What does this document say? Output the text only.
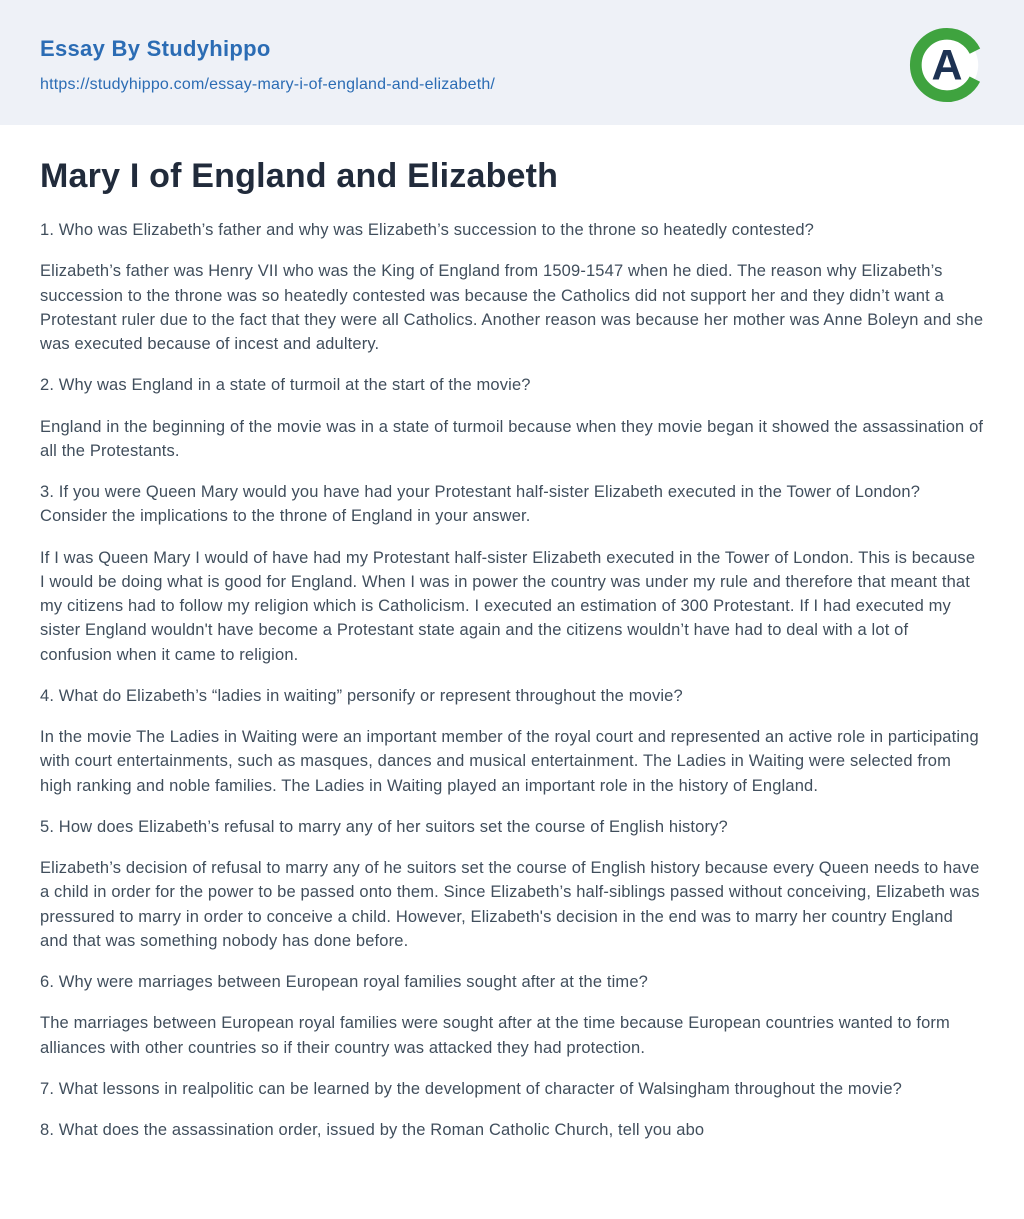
Essay By Studyhippo
https://studyhippo.com/essay-mary-i-of-england-and-elizabeth/	A
Mary I of England and Elizabeth

1. Who was Elizabeth’s father and why was Elizabeth’s succession to the throne so heatedly contested?

Elizabeth’s father was Henry VII who was the King of England from 1509-1547 when he died. The reason why Elizabeth’s succession to the throne was so heatedly contested was because the Catholics did not support her and they didn’t want a Protestant ruler due to the fact that they were all Catholics. Another reason was because her mother was Anne Boleyn and she was executed because of incest and adultery.

2. Why was England in a state of turmoil at the start of the movie?

England in the beginning of the movie was in a state of turmoil because when they movie began it showed the assassination of all the Protestants.

3. If you were Queen Mary would you have had your Protestant half-sister Elizabeth executed in the Tower of London? Consider the implications to the throne of England in your answer.

If I was Queen Mary I would of have had my Protestant half-sister Elizabeth executed in the Tower of London. This is because I would be doing what is good for England. When I was in power the country was under my rule and therefore that meant that my citizens had to follow my religion which is Catholicism. I executed an estimation of 300 Protestant. If I had executed my sister England wouldn't have become a Protestant state again and the citizens wouldn’t have had to deal with a lot of confusion when it came to religion.

4. What do Elizabeth’s “ladies in waiting” personify or represent throughout the movie?

In the movie The Ladies in Waiting were an important member of the royal court and represented an active role in participating with court entertainments, such as masques, dances and musical entertainment. The Ladies in Waiting were selected from high ranking and noble families. The Ladies in Waiting played an important role in the history of England.

5. How does Elizabeth’s refusal to marry any of her suitors set the course of English history?

Elizabeth’s decision of refusal to marry any of he suitors set the course of English history because every Queen needs to have a child in order for the power to be passed onto them. Since Elizabeth’s half-siblings passed without conceiving, Elizabeth was pressured to marry in order to conceive a child. However, Elizabeth's decision in the end was to marry her country England and that was something nobody has done before.

6. Why were marriages between European royal families sought after at the time?

The marriages between European royal families were sought after at the time because European countries wanted to form alliances with other countries so if their country was attacked they had protection.

7. What lessons in realpolitic can be learned by the development of character of Walsingham throughout the movie?

8. What does the assassination order, issued by the Roman Catholic Church, tell you abo
